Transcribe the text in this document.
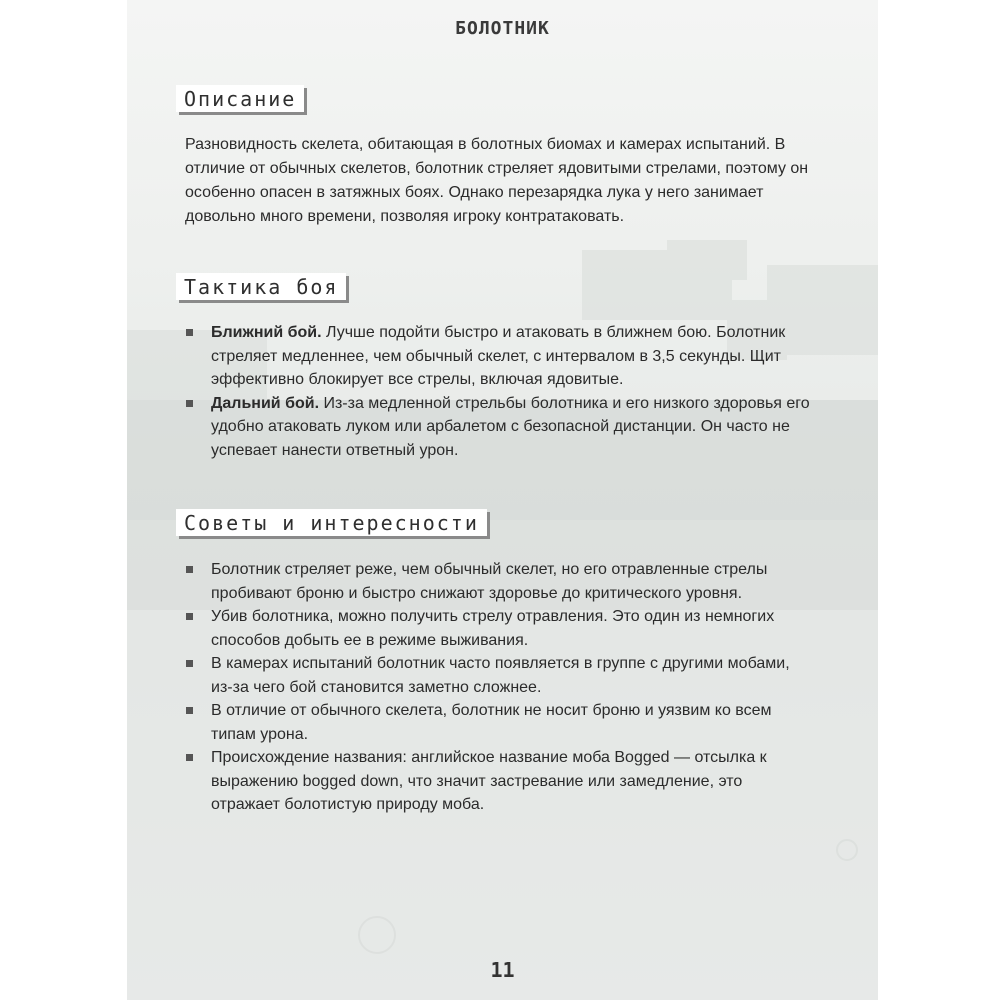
БОЛОТНИК
11
Описание
Разновидность скелета, обитающая в болотных биомах и камерах испытаний. В отличие от обычных скелетов, болотник стреляет ядовитыми стрелами, поэтому он особенно опасен в затяжных боях. Однако перезарядка лука у него занимает довольно много времени, позволяя игроку контратаковать.
Тактика боя
Ближний бой. Лучше подойти быстро и атаковать в ближнем бою. Болотник стреляет медленнее, чем обычный скелет, с интервалом в 3,5 секунды. Щит эффективно блокирует все стрелы, включая ядовитые.
Дальний бой. Из-за медленной стрельбы болотника и его низкого здоровья его удобно атаковать луком или арбалетом с безопасной дистанции. Он часто не успевает нанести ответный урон.
Советы и интересности
Болотник стреляет реже, чем обычный скелет, но его отравленные стрелы пробивают броню и быстро снижают здоровье до критического уровня.
Убив болотника, можно получить стрелу отравления. Это один из немногих способов добыть ее в режиме выживания.
В камерах испытаний болотник часто появляется в группе с другими мобами, из-за чего бой становится заметно сложнее.
В отличие от обычного скелета, болотник не носит броню и уязвим ко всем типам урона.
Происхождение названия: английское название моба Bogged — отсылка к выражению bogged down, что значит застревание или замедление, это отражает болотистую природу моба.
